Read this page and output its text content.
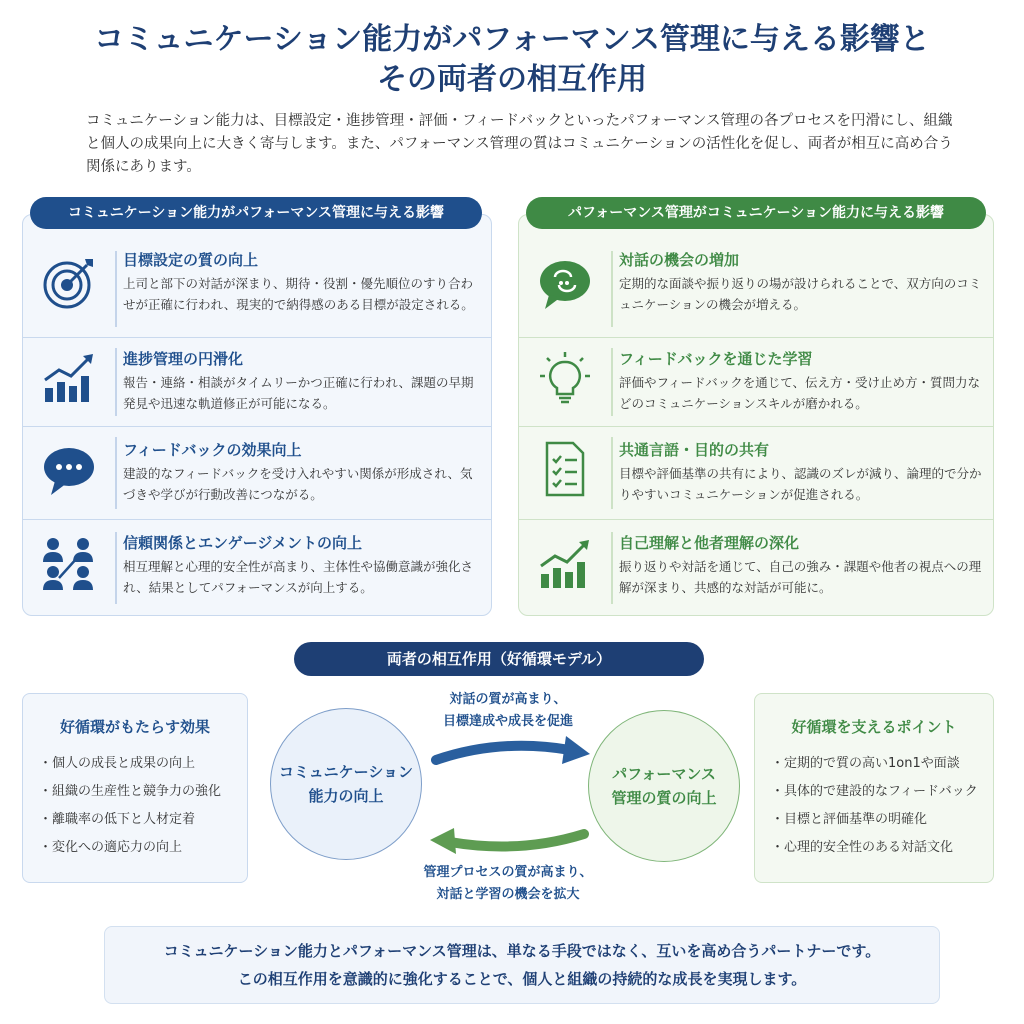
コミュニケーション能力がパフォーマンス管理に与える影響と
その両者の相互作用
コミュニケーション能力は、目標設定・進捗管理・評価・フィードバックといったパフォーマンス管理の各プロセスを円滑にし、組織と個人の成果向上に大きく寄与します。また、パフォーマンス管理の質はコミュニケーションの活性化を促し、両者が相互に高め合う関係にあります。
コミュニケーション能力がパフォーマンス管理に与える影響
目標設定の質の向上
上司と部下の対話が深まり、期待・役割・優先順位のすり合わせが正確に行われ、現実的で納得感のある目標が設定される。
進捗管理の円滑化
報告・連絡・相談がタイムリーかつ正確に行われ、課題の早期発見や迅速な軌道修正が可能になる。
フィードバックの効果向上
建設的なフィードバックを受け入れやすい関係が形成され、気づきや学びが行動改善につながる。
信頼関係とエンゲージメントの向上
相互理解と心理的安全性が高まり、主体性や協働意識が強化され、結果としてパフォーマンスが向上する。
パフォーマンス管理がコミュニケーション能力に与える影響
対話の機会の増加
定期的な面談や振り返りの場が設けられることで、双方向のコミュニケーションの機会が増える。
フィードバックを通じた学習
評価やフィードバックを通じて、伝え方・受け止め方・質問力などのコミュニケーションスキルが磨かれる。
共通言語・目的の共有
目標や評価基準の共有により、認識のズレが減り、論理的で分かりやすいコミュニケーションが促進される。
自己理解と他者理解の深化
振り返りや対話を通じて、自己の強み・課題や他者の視点への理解が深まり、共感的な対話が可能に。
両者の相互作用（好循環モデル）
好循環がもたらす効果
・個人の成長と成果の向上
・組織の生産性と競争力の強化
・離職率の低下と人材定着
・変化への適応力の向上
好循環を支えるポイント
・定期的で質の高い1on1や面談
・具体的で建設的なフィードバック
・目標と評価基準の明確化
・心理的安全性のある対話文化
コミュニケーション
能力の向上
パフォーマンス
管理の質の向上
対話の質が高まり、
目標達成や成長を促進
管理プロセスの質が高まり、
対話と学習の機会を拡大
コミュニケーション能力とパフォーマンス管理は、単なる手段ではなく、互いを高め合うパートナーです。
この相互作用を意識的に強化することで、個人と組織の持続的な成長を実現します。
